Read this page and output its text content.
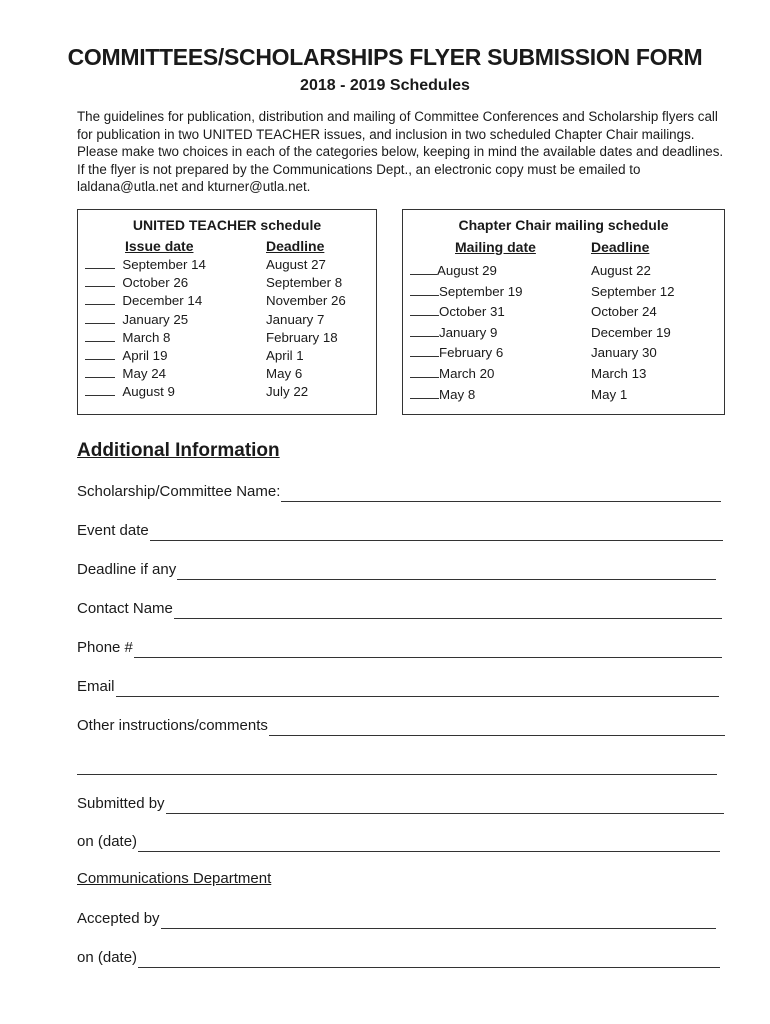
COMMITTEES/SCHOLARSHIPS FLYER SUBMISSION FORM
2018 - 2019 Schedules

The guidelines for publication, distribution and mailing of Committee Conferences and Scholarship flyers call for publication in two UNITED TEACHER issues, and inclusion in two scheduled Chapter Chair mailings. Please make two choices in each of the categories below, keeping in mind the available dates and deadlines. If the flyer is not prepared by the Communications Dept., an electronic copy must be emailed to laldana@utla.net and kturner@utla.net.

UNITED TEACHER schedule
Issue date	Deadline
September 14
October 26
December 14
January 25
March 8
April 19
May 24
August 9
August 27
September 8
November 26
January 7
February 18
April 1
May 6
July 22
Chapter Chair mailing schedule
Mailing date	Deadline
August 29
September 19
October 31
January 9
February 6
March 20
May 8
August 22
September 12
October 24
December 19
January 30
March 13
May 1
Additional Information
Scholarship/Committee Name:
Event date
Deadline if any
Contact Name
Phone #
Email
Other instructions/comments
Submitted by
on (date)
Communications Department
Accepted by
on (date)
